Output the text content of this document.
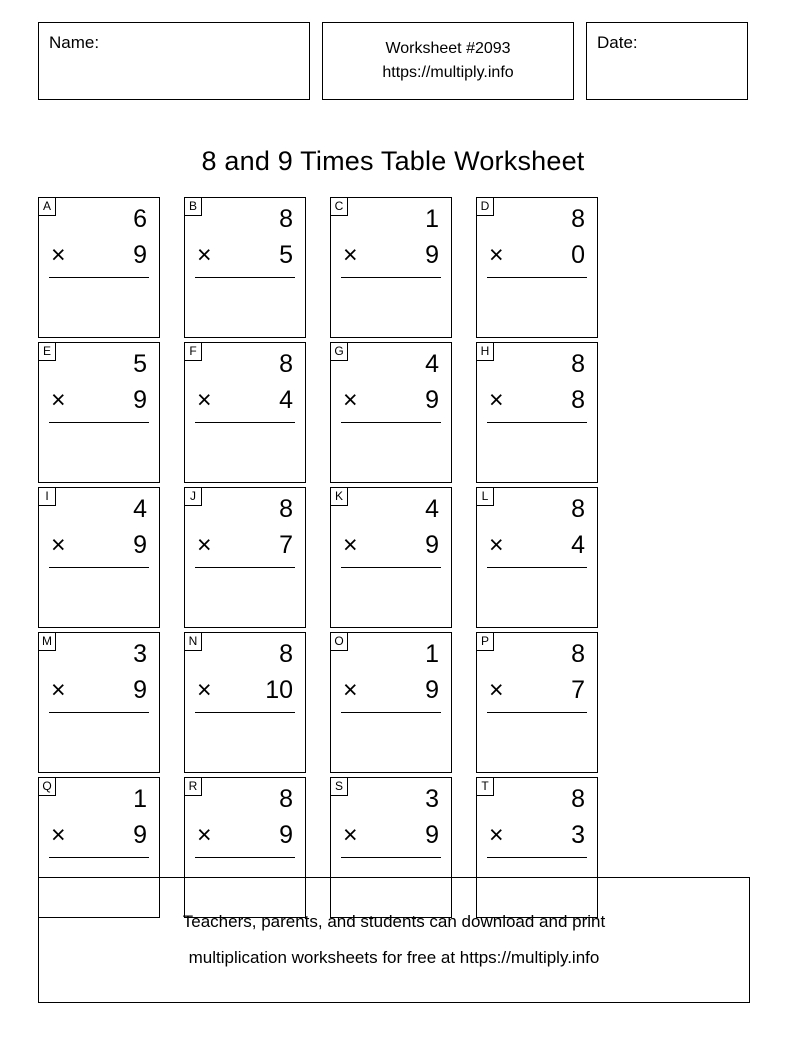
Name:	Worksheet #2093
https://multiply.info
Date:
8 and 9 Times Table Worksheet
A	6
×	9
B	8
×	5
C	1
×	9
D	8
×	0
E	5
×	9
F	8
×	4
G	4
×	9
H	8
×	8
I	4
×	9
J	8
×	7
K	4
×	9
L	8
×	4
M	3
×	9
N	8
× 10
O	1
×	9
P	8
×	7
Q	1
×	9
R	8
×	9
S	3
×	9
T	8
×	3
Teachers, parents, and students can download and print
multiplication worksheets for free at https://multiply.info
